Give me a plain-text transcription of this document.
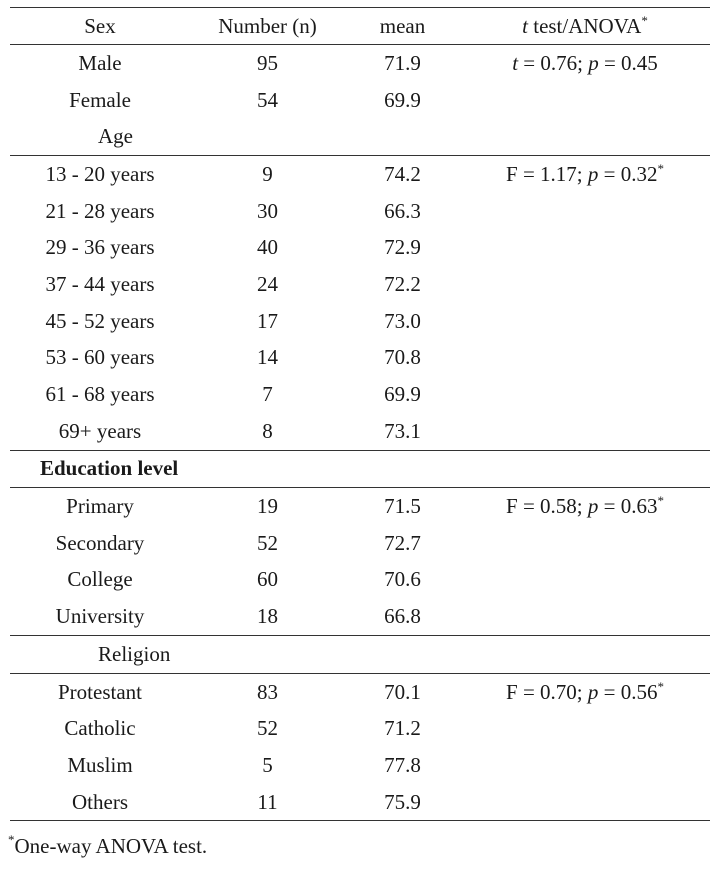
Sex	Number (n)	mean	t test/ANOVA*
Male	95	71.9	t = 0.76; p = 0.45
Female	54	69.9	
Age			
13 - 20 years	9	74.2	F = 1.17; p = 0.32*
21 - 28 years	30	66.3	
29 - 36 years	40	72.9	
37 - 44 years	24	72.2	
45 - 52 years	17	73.0	
53 - 60 years	14	70.8	
61 - 68 years	7	69.9	
69+ years	8	73.1	
Education level			
Primary	19	71.5	F = 0.58; p = 0.63*
Secondary	52	72.7	
College	60	70.6	
University	18	66.8	
Religion			
Protestant	83	70.1	F = 0.70; p = 0.56*
Catholic	52	71.2	
Muslim	5	77.8	
Others	11	75.9	
*One-way ANOVA test.
